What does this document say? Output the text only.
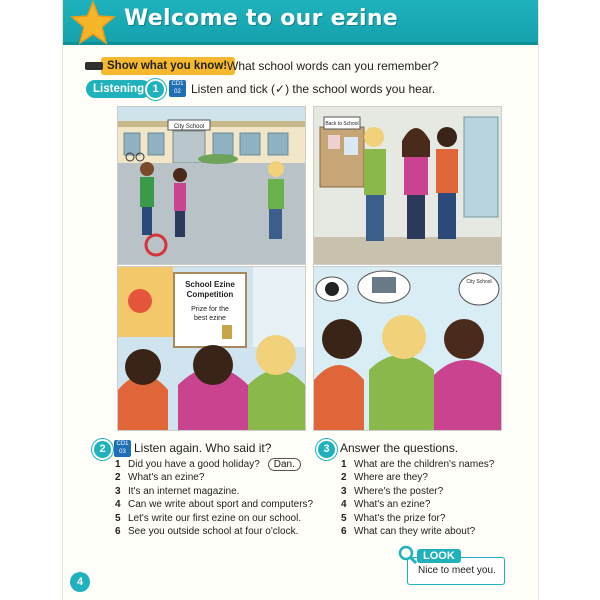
Welcome to our ezine
Show what you know! What school words can you remember?
Listening 1	CD1 02 Listen and tick (✓) the school words you hear.
City School	Back to School
School Ezine
Competition
Prize for the
best ezine
City School
2	CD1 03 Listen again. Who said it?
1 Did you have a good holiday? Dan.
2 What's an ezine?
3 It's an internet magazine.
4 Can we write about sport and computers?
5 Let's write our first ezine on our school.
6 See you outside school at four o'clock.
3 Answer the questions.
1 What are the children's names?
2 Where are they?
3 Where's the poster?
4 What's an ezine?
5 What's the prize for?
6 What can they write about?
LOOK
Nice to meet you.
4
